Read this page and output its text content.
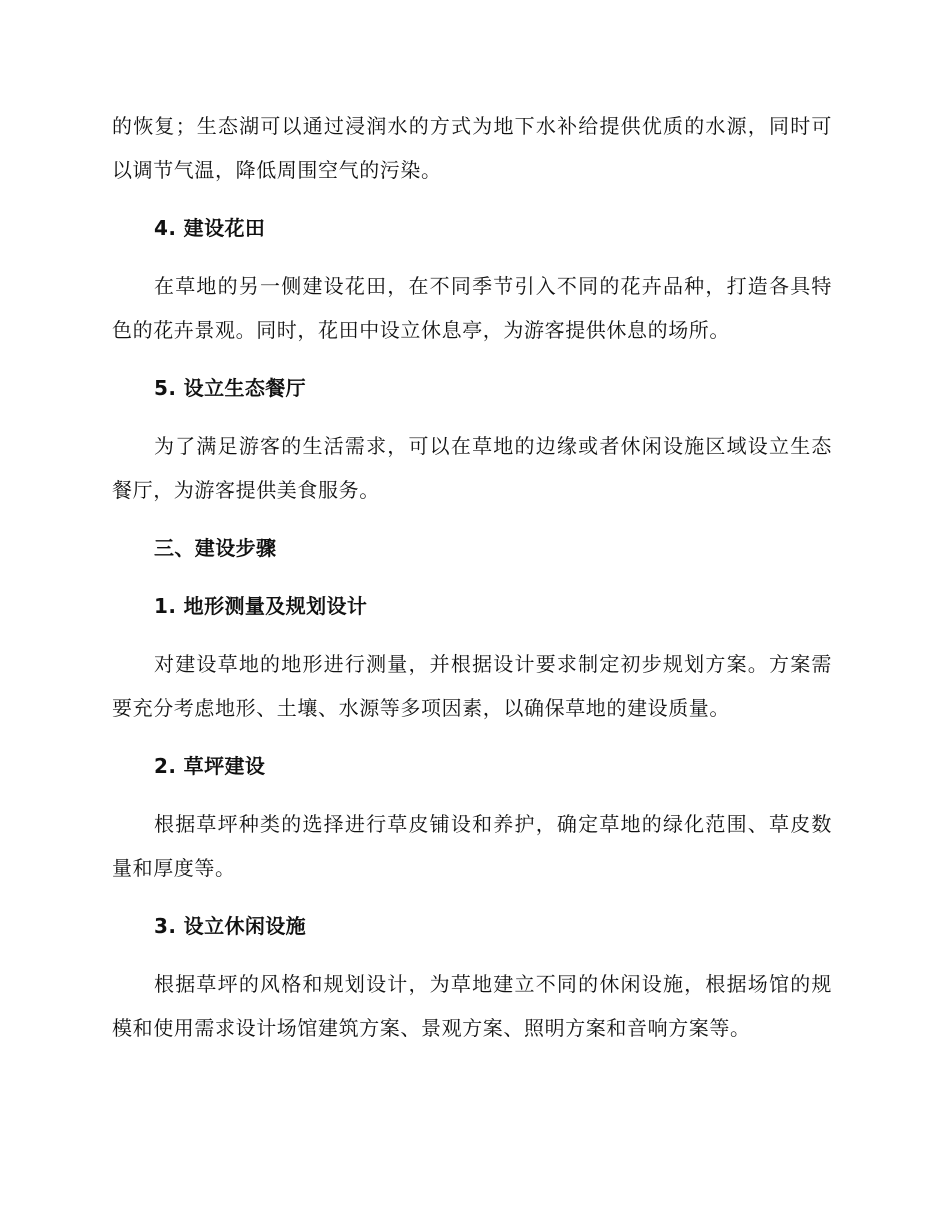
的恢复；生态湖可以通过浸润水的方式为地下水补给提供优质的水源，同时可以调节气温，降低周围空气的污染。

4. 建设花田

在草地的另一侧建设花田，在不同季节引入不同的花卉品种，打造各具特色的花卉景观。同时，花田中设立休息亭，为游客提供休息的场所。

5. 设立生态餐厅

为了满足游客的生活需求，可以在草地的边缘或者休闲设施区域设立生态餐厅，为游客提供美食服务。

三、建设步骤
1. 地形测量及规划设计

对建设草地的地形进行测量，并根据设计要求制定初步规划方案。方案需要充分考虑地形、土壤、水源等多项因素，以确保草地的建设质量。

2. 草坪建设

根据草坪种类的选择进行草皮铺设和养护，确定草地的绿化范围、草皮数量和厚度等。

3. 设立休闲设施

根据草坪的风格和规划设计，为草地建立不同的休闲设施，根据场馆的规模和使用需求设计场馆建筑方案、景观方案、照明方案和音响方案等。
